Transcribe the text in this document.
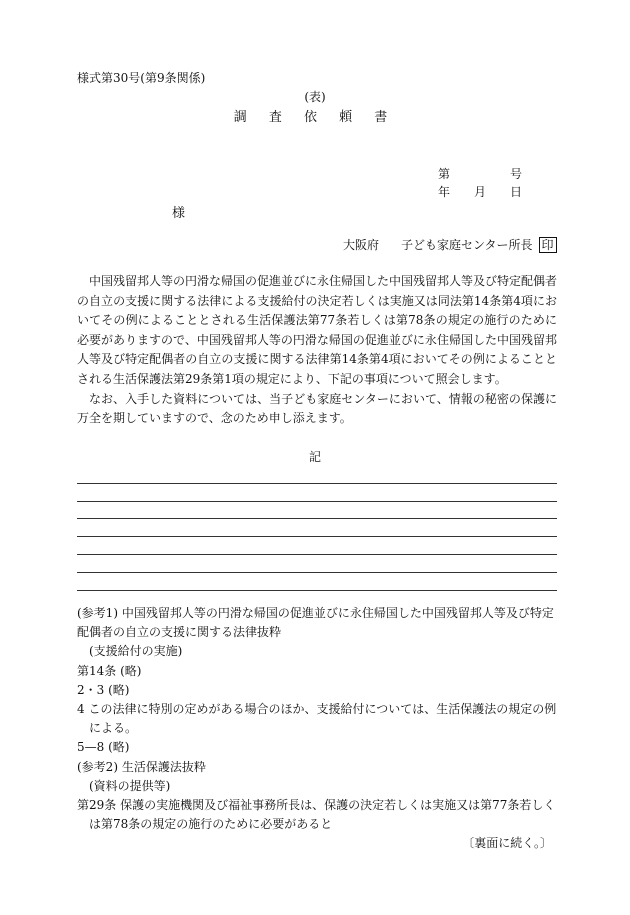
様式第30号(第9条関係)
(表)
調 査 依 頼 書
第	号
年 月 日
様
大阪府 子ども家庭センター所長 印

中国残留邦人等の円滑な帰国の促進並びに永住帰国した中国残留邦人等及び特定配偶者の自立の支援に関する法律による支援給付の決定若しくは実施又は同法第14条第4項においてその例によることとされる生活保護法第77条若しくは第78条の規定の施行のために必要がありますので、中国残留邦人等の円滑な帰国の促進並びに永住帰国した中国残留邦人等及び特定配偶者の自立の支援に関する法律第14条第4項においてその例によることとされる生活保護法第29条第1項の規定により、下記の事項について照会します。

なお、入手した資料については、当子ども家庭センターにおいて、情報の秘密の保護に万全を期していますので、念のため申し添えます。

記
(参考1) 中国残留邦人等の円滑な帰国の促進並びに永住帰国した中国残留邦人等及び特定配偶者の自立の支援に関する法律抜粋
(支援給付の実施)
第14条 (略)
2・3 (略)
4 この法律に特別の定めがある場合のほか、支援給付については、生活保護法の規定の例による。
5—8 (略)
(参考2) 生活保護法抜粋
(資料の提供等)
第29条 保護の実施機関及び福祉事務所長は、保護の決定若しくは実施又は第77条若しくは第78条の規定の施行のために必要があると
〔裏面に続く。〕
